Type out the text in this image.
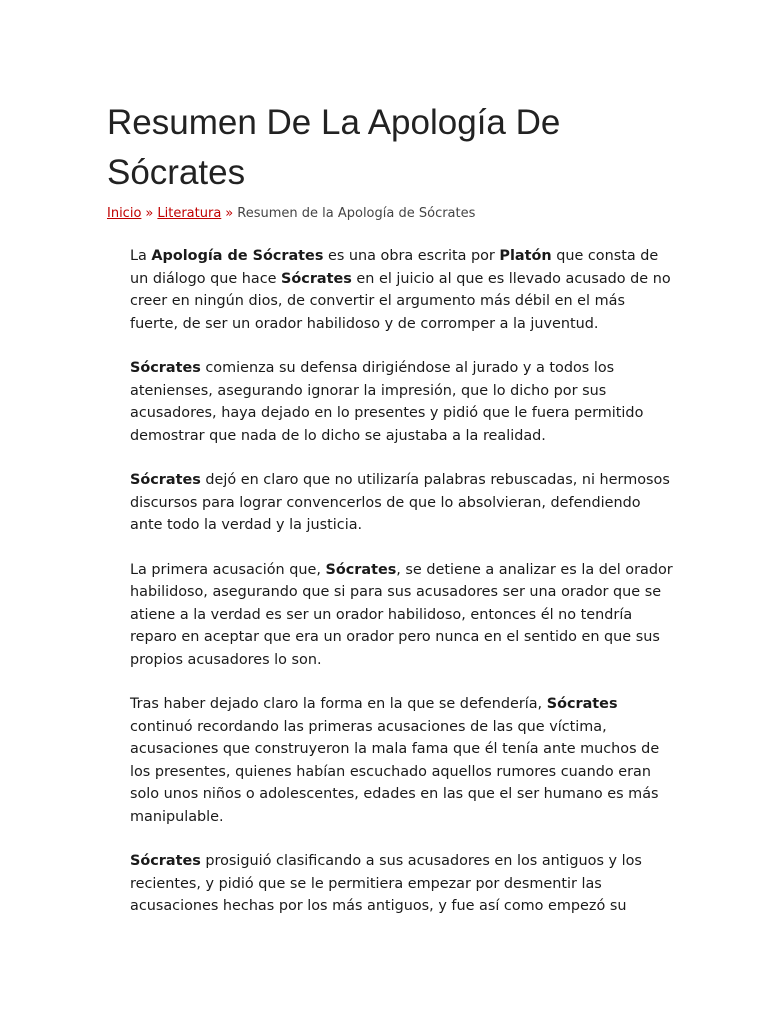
Resumen De La Apología De Sócrates
Inicio » Literatura » Resumen de la Apología de Sócrates

La Apología de Sócrates es una obra escrita por Platón que consta de un diálogo que hace Sócrates en el juicio al que es llevado acusado de no creer en ningún dios, de convertir el argumento más débil en el más fuerte, de ser un orador habilidoso y de corromper a la juventud.

Sócrates comienza su defensa dirigiéndose al jurado y a todos los atenienses, asegurando ignorar la impresión, que lo dicho por sus acusadores, haya dejado en lo presentes y pidió que le fuera permitido demostrar que nada de lo dicho se ajustaba a la realidad.

Sócrates dejó en claro que no utilizaría palabras rebuscadas, ni hermosos discursos para lograr convencerlos de que lo absolvieran, defendiendo ante todo la verdad y la justicia.

La primera acusación que, Sócrates, se detiene a analizar es la del orador habilidoso, asegurando que si para sus acusadores ser una orador que se atiene a la verdad es ser un orador habilidoso, entonces él no tendría reparo en aceptar que era un orador pero nunca en el sentido en que sus propios acusadores lo son.

Tras haber dejado claro la forma en la que se defendería, Sócrates continuó recordando las primeras acusaciones de las que víctima, acusaciones que construyeron la mala fama que él tenía ante muchos de los presentes, quienes habían escuchado aquellos rumores cuando eran solo unos niños o adolescentes, edades en las que el ser humano es más manipulable.

Sócrates prosiguió clasificando a sus acusadores en los antiguos y los recientes, y pidió que se le permitiera empezar por desmentir las acusaciones hechas por los más antiguos, y fue así como empezó su
